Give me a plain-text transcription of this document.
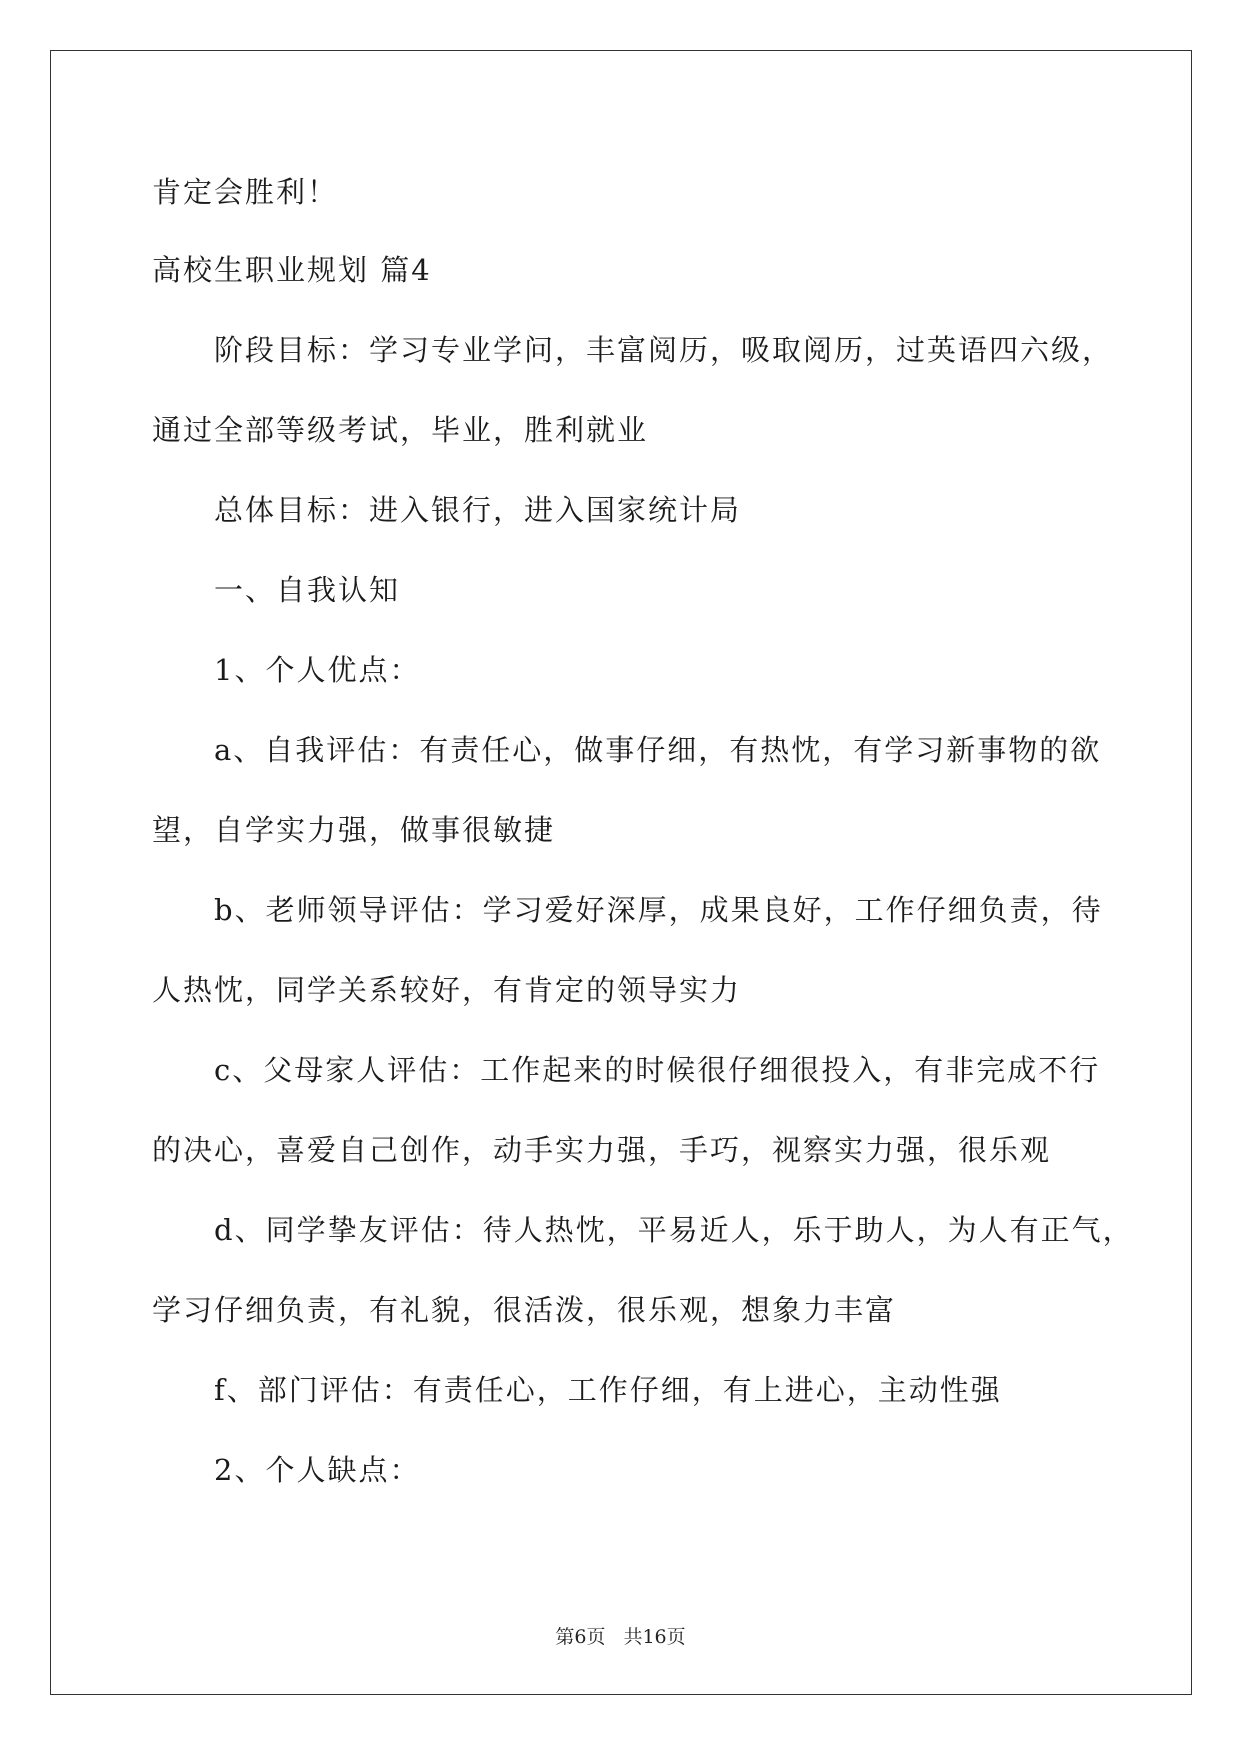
肯定会胜利！
高校生职业规划 篇4
阶段目标：学习专业学问，丰富阅历，吸取阅历，过英语四六级，
通过全部等级考试，毕业，胜利就业
总体目标：进入银行，进入国家统计局
一、自我认知
1、个人优点：
a、自我评估：有责任心，做事仔细，有热忱，有学习新事物的欲
望，自学实力强，做事很敏捷
b、老师领导评估：学习爱好深厚，成果良好，工作仔细负责，待
人热忱，同学关系较好，有肯定的领导实力
c、父母家人评估：工作起来的时候很仔细很投入，有非完成不行
的决心，喜爱自己创作，动手实力强，手巧，视察实力强，很乐观
d、同学挚友评估：待人热忱，平易近人，乐于助人，为人有正气，
学习仔细负责，有礼貌，很活泼，很乐观，想象力丰富
f、部门评估：有责任心，工作仔细，有上进心，主动性强
2、个人缺点：
第6页 共16页
